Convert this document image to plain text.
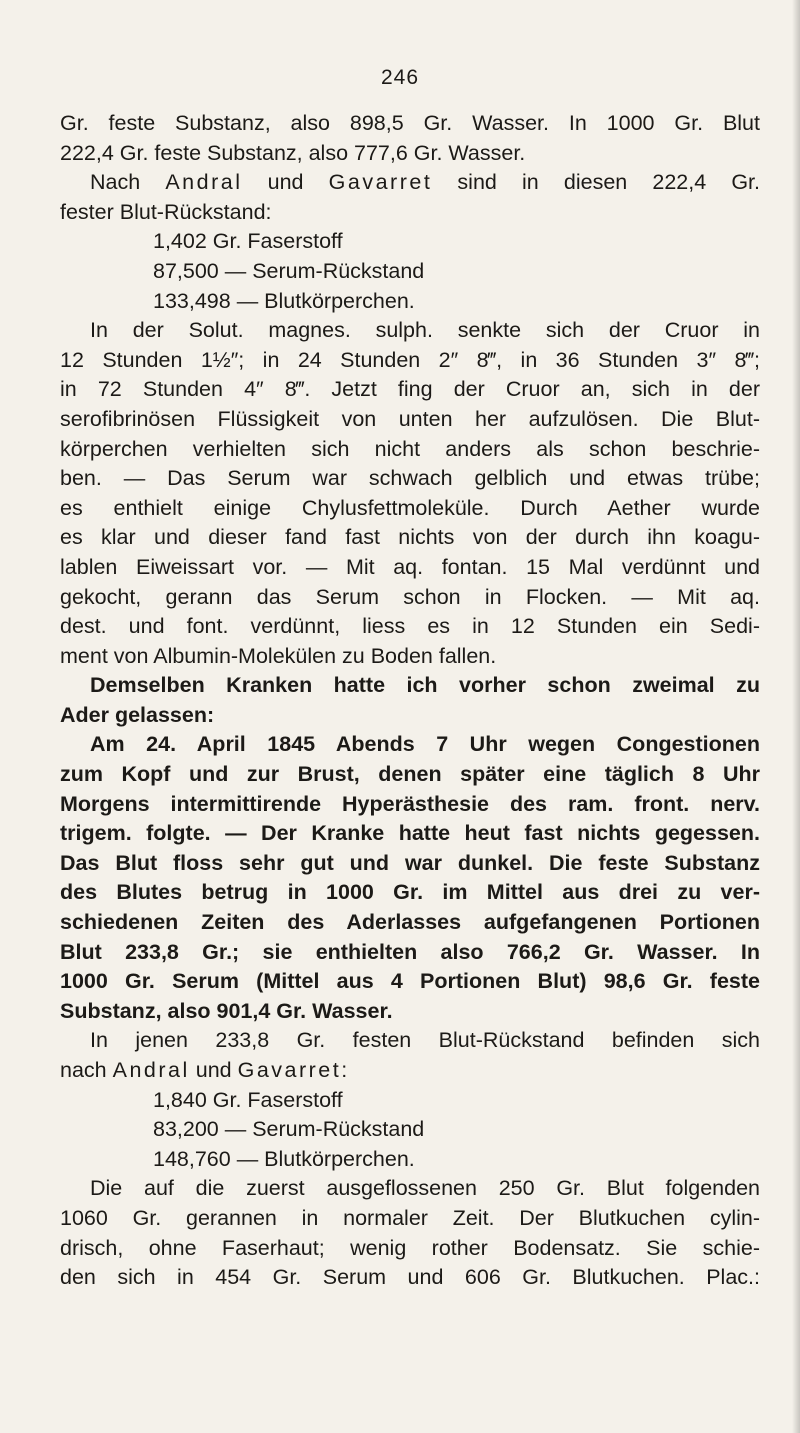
246
Gr. feste Substanz, also 898,5 Gr. Wasser. In 1000 Gr. Blut
222,4 Gr. feste Substanz, also 777,6 Gr. Wasser.
Nach Andral und Gavarret sind in diesen 222,4 Gr.
fester Blut-Rückstand:
1,402 Gr. Faserstoff
87,500 — Serum-Rückstand
133,498 — Blutkörperchen.
In der Solut. magnes. sulph. senkte sich der Cruor in
12 Stunden 1½″; in 24 Stunden 2″ 8‴, in 36 Stunden 3″ 8‴;
in 72 Stunden 4″ 8‴. Jetzt fing der Cruor an, sich in der
serofibrinösen Flüssigkeit von unten her aufzulösen. Die Blut-
körperchen verhielten sich nicht anders als schon beschrie-
ben. — Das Serum war schwach gelblich und etwas trübe;
es enthielt einige Chylusfettmoleküle. Durch Aether wurde
es klar und dieser fand fast nichts von der durch ihn koagu-
lablen Eiweissart vor. — Mit aq. fontan. 15 Mal verdünnt und
gekocht, gerann das Serum schon in Flocken. — Mit aq.
dest. und font. verdünnt, liess es in 12 Stunden ein Sedi-
ment von Albumin-Molekülen zu Boden fallen.
Demselben Kranken hatte ich vorher schon zweimal zu
Ader gelassen:
Am 24. April 1845 Abends 7 Uhr wegen Congestionen
zum Kopf und zur Brust, denen später eine täglich 8 Uhr
Morgens intermittirende Hyperästhesie des ram. front. nerv.
trigem. folgte. — Der Kranke hatte heut fast nichts gegessen.
Das Blut floss sehr gut und war dunkel. Die feste Substanz
des Blutes betrug in 1000 Gr. im Mittel aus drei zu ver-
schiedenen Zeiten des Aderlasses aufgefangenen Portionen
Blut 233,8 Gr.; sie enthielten also 766,2 Gr. Wasser. In
1000 Gr. Serum (Mittel aus 4 Portionen Blut) 98,6 Gr. feste
Substanz, also 901,4 Gr. Wasser.
In jenen 233,8 Gr. festen Blut-Rückstand befinden sich
nach Andral und Gavarret:
1,840 Gr. Faserstoff
83,200 — Serum-Rückstand
148,760 — Blutkörperchen.
Die auf die zuerst ausgeflossenen 250 Gr. Blut folgenden
1060 Gr. gerannen in normaler Zeit. Der Blutkuchen cylin-
drisch, ohne Faserhaut; wenig rother Bodensatz. Sie schie-
den sich in 454 Gr. Serum und 606 Gr. Blutkuchen. Plac.:
